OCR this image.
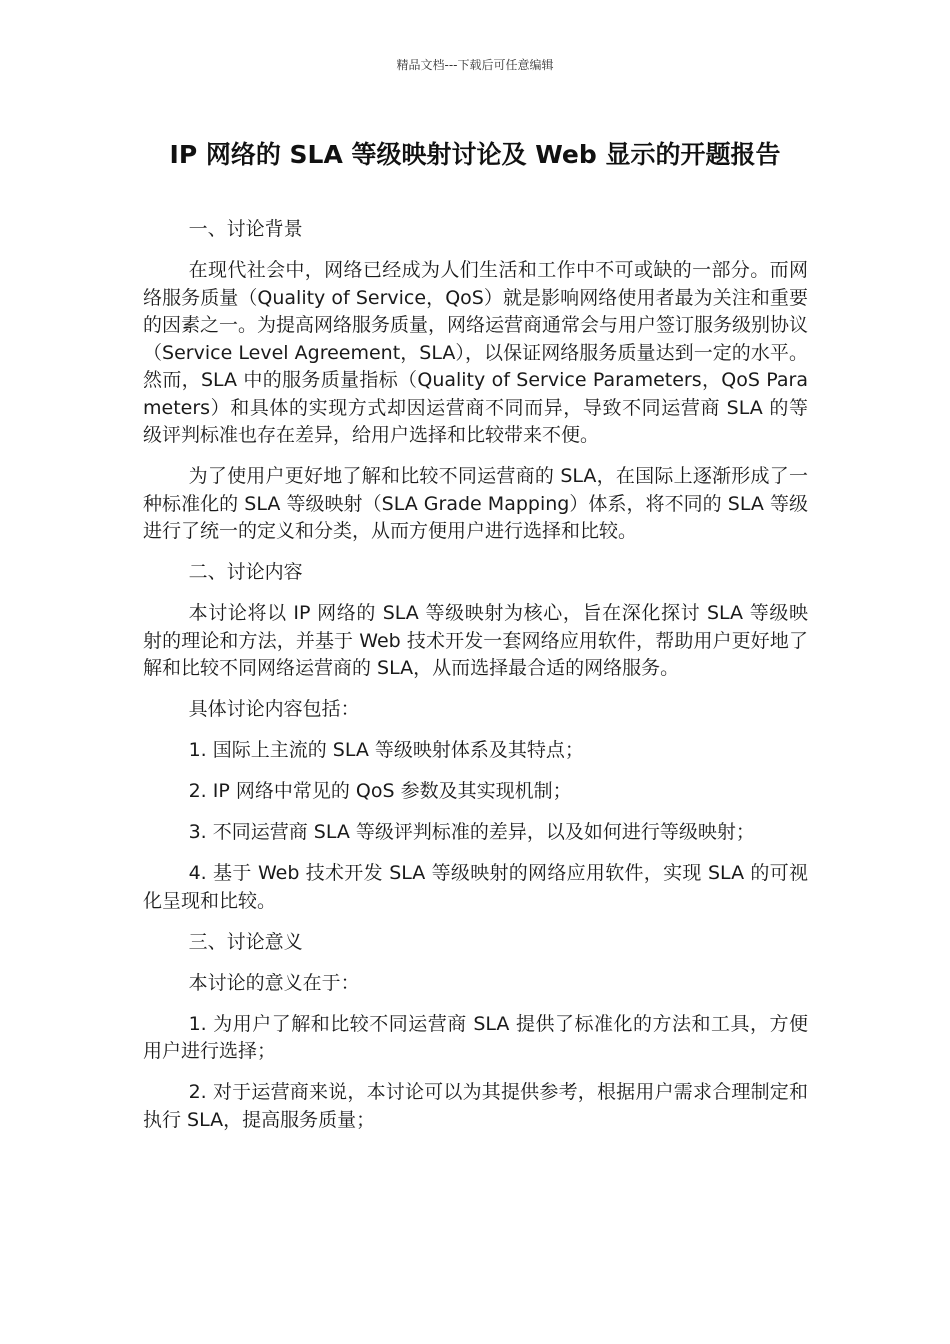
精品文档---下载后可任意编辑
IP 网络的 SLA 等级映射讨论及 Web 显示的开题报告

一、讨论背景

在现代社会中，网络已经成为人们生活和工作中不可或缺的一部分。而网络服务质量（Quality of Service，QoS）就是影响网络使用者最为关注和重要的因素之一。为提高网络服务质量，网络运营商通常会与用户签订服务级别协议（Service Level Agreement，SLA），以保证网络服务质量达到一定的水平。然而，SLA 中的服务质量指标（Quality of Service Parameters，QoS Parameters）和具体的实现方式却因运营商不同而异，导致不同运营商 SLA 的等级评判标准也存在差异，给用户选择和比较带来不便。

为了使用户更好地了解和比较不同运营商的 SLA，在国际上逐渐形成了一种标准化的 SLA 等级映射（SLA Grade Mapping）体系，将不同的 SLA 等级进行了统一的定义和分类，从而方便用户进行选择和比较。

二、讨论内容

本讨论将以 IP 网络的 SLA 等级映射为核心，旨在深化探讨 SLA 等级映射的理论和方法，并基于 Web 技术开发一套网络应用软件，帮助用户更好地了解和比较不同网络运营商的 SLA，从而选择最合适的网络服务。

具体讨论内容包括：

1. 国际上主流的 SLA 等级映射体系及其特点；

2. IP 网络中常见的 QoS 参数及其实现机制；

3. 不同运营商 SLA 等级评判标准的差异，以及如何进行等级映射；

4. 基于 Web 技术开发 SLA 等级映射的网络应用软件，实现 SLA 的可视化呈现和比较。

三、讨论意义

本讨论的意义在于：

1. 为用户了解和比较不同运营商 SLA 提供了标准化的方法和工具，方便用户进行选择；

2. 对于运营商来说，本讨论可以为其提供参考，根据用户需求合理制定和执行 SLA，提高服务质量；
